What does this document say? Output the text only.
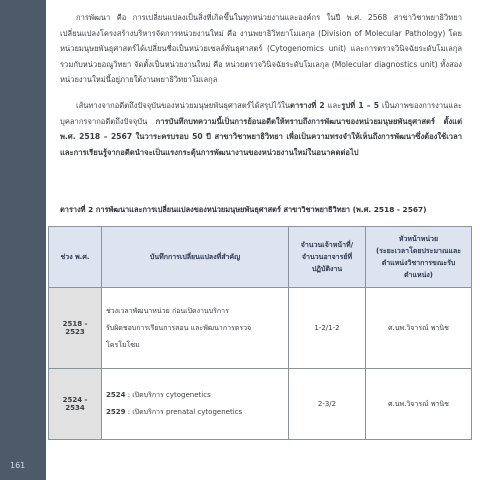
161

การพัฒนา คือ การเปลี่ยนแปลงเป็นสิ่งที่เกิดขึ้นในทุกหน่วยงานและองค์กร ในปี พ.ศ. 2568 สาขาวิชาพยาธิวิทยาเปลี่ยนแปลงโครงสร้างบริหารจัดการหน่วยงานใหม่ คือ งานพยาธิวิทยาโมเลกุล (Division of Molecular Pathology) โดยหน่วยมนุษยพันธุศาสตร์ได้เปลี่ยนชื่อเป็นหน่วยเซลล์พันธุศาสตร์ (Cytogenomics unit) และการตรวจวินิจฉัยระดับโมเลกุลรวมกับหน่วยอณูวิทยา จัดตั้งเป็นหน่วยงานใหม่ คือ หน่วยตรวจวินิจฉัยระดับโมเลกุล (Molecular diagnostics unit) ทั้งสองหน่วยงานใหม่นี้อยู่ภายใต้งานพยาธิวิทยาโมเลกุล

เส้นทางจากอดีตถึงปัจจุบันของหน่วยมนุษยพันธุศาสตร์ได้สรุปไว้ในตารางที่ 2 และรูปที่ 1 – 5 เป็นภาพของการงานและบุคลากรจากอดีตถึงปัจจุบัน การบันทึกบทความนี้เป็นการย้อนอดีตให้ทราบถึงการพัฒนาของหน่วยมนุษยพันธุศาสตร์ ตั้งแต่ พ.ศ. 2518 – 2567 ในวาระครบรอบ 50 ปี สาขาวิชาพยาธิวิทยา เพื่อเป็นความทรงจำให้เห็นถึงการพัฒนาซึ่งต้องใช้เวลา และการเรียนรู้จากอดีตนำจะเป็นแรงกระตุ้นการพัฒนางานของหน่วยงานใหม่ในอนาคตต่อไป

ตารางที่ 2 การพัฒนาและการเปลี่ยนแปลงของหน่วยมนุษยพันธุศาสตร์ สาขาวิชาพยาธิวิทยา (พ.ศ. 2518 - 2567)
ช่วง พ.ศ.	บันทึกการเปลี่ยนแปลงที่สำคัญ	จำนวนเจ้าหน้าที่/
จำนวนอาจารย์ที่ปฏิบัติงาน	หัวหน้าหน่วย
(ระยะเวลาโดยประมาณและ
ตำแหน่งวิชาการขณะรับตำแหน่ง)

2518 - 2523	ช่วงเวลาพัฒนาหน่วย ก่อนเปิดงานบริการ
รับผิดชอบการเรียนการสอน และพัฒนาการตรวจ
โครโมโซม	1-2/1-2	ศ.นพ.วิจารณ์ พานิช
2524 - 2534	2524 : เปิดบริการ cytogenetics
2529 : เปิดบริการ prenatal cytogenetics	2-3/2	ศ.นพ.วิจารณ์ พานิช
